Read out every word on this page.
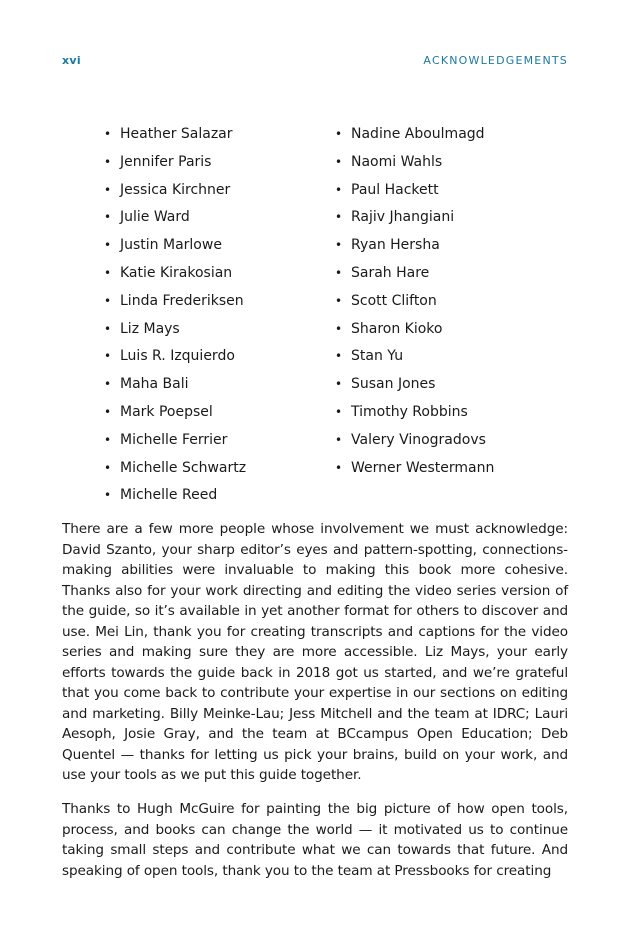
xvi	ACKNOWLEDGEMENTS
• Heather Salazar
• Jennifer Paris
• Jessica Kirchner
• Julie Ward
• Justin Marlowe
• Katie Kirakosian
• Linda Frederiksen
• Liz Mays
• Luis R. Izquierdo
• Maha Bali
• Mark Poepsel
• Michelle Ferrier
• Michelle Schwartz
• Michelle Reed
• Nadine Aboulmagd
• Naomi Wahls
• Paul Hackett
• Rajiv Jhangiani
• Ryan Hersha
• Sarah Hare
• Scott Clifton
• Sharon Kioko
• Stan Yu
• Susan Jones
• Timothy Robbins
• Valery Vinogradovs
• Werner Westermann

There are a few more people whose involvement we must acknowledge: David Szanto, your sharp editor’s eyes and pattern-spotting, connections-making abilities were invaluable to making this book more cohesive. Thanks also for your work directing and editing the video series version of the guide, so it’s available in yet another format for others to discover and use. Mei Lin, thank you for creating transcripts and captions for the video series and making sure they are more accessible. Liz Mays, your early efforts towards the guide back in 2018 got us started, and we’re grateful that you come back to contribute your expertise in our sections on editing and marketing. Billy Meinke-Lau; Jess Mitchell and the team at IDRC; Lauri Aesoph, Josie Gray, and the team at BCcampus Open Education; Deb Quentel — thanks for letting us pick your brains, build on your work, and use your tools as we put this guide together.

Thanks to Hugh McGuire for painting the big picture of how open tools, process, and books can change the world — it motivated us to continue taking small steps and contribute what we can towards that future. And speaking of open tools, thank you to the team at Pressbooks for creating
